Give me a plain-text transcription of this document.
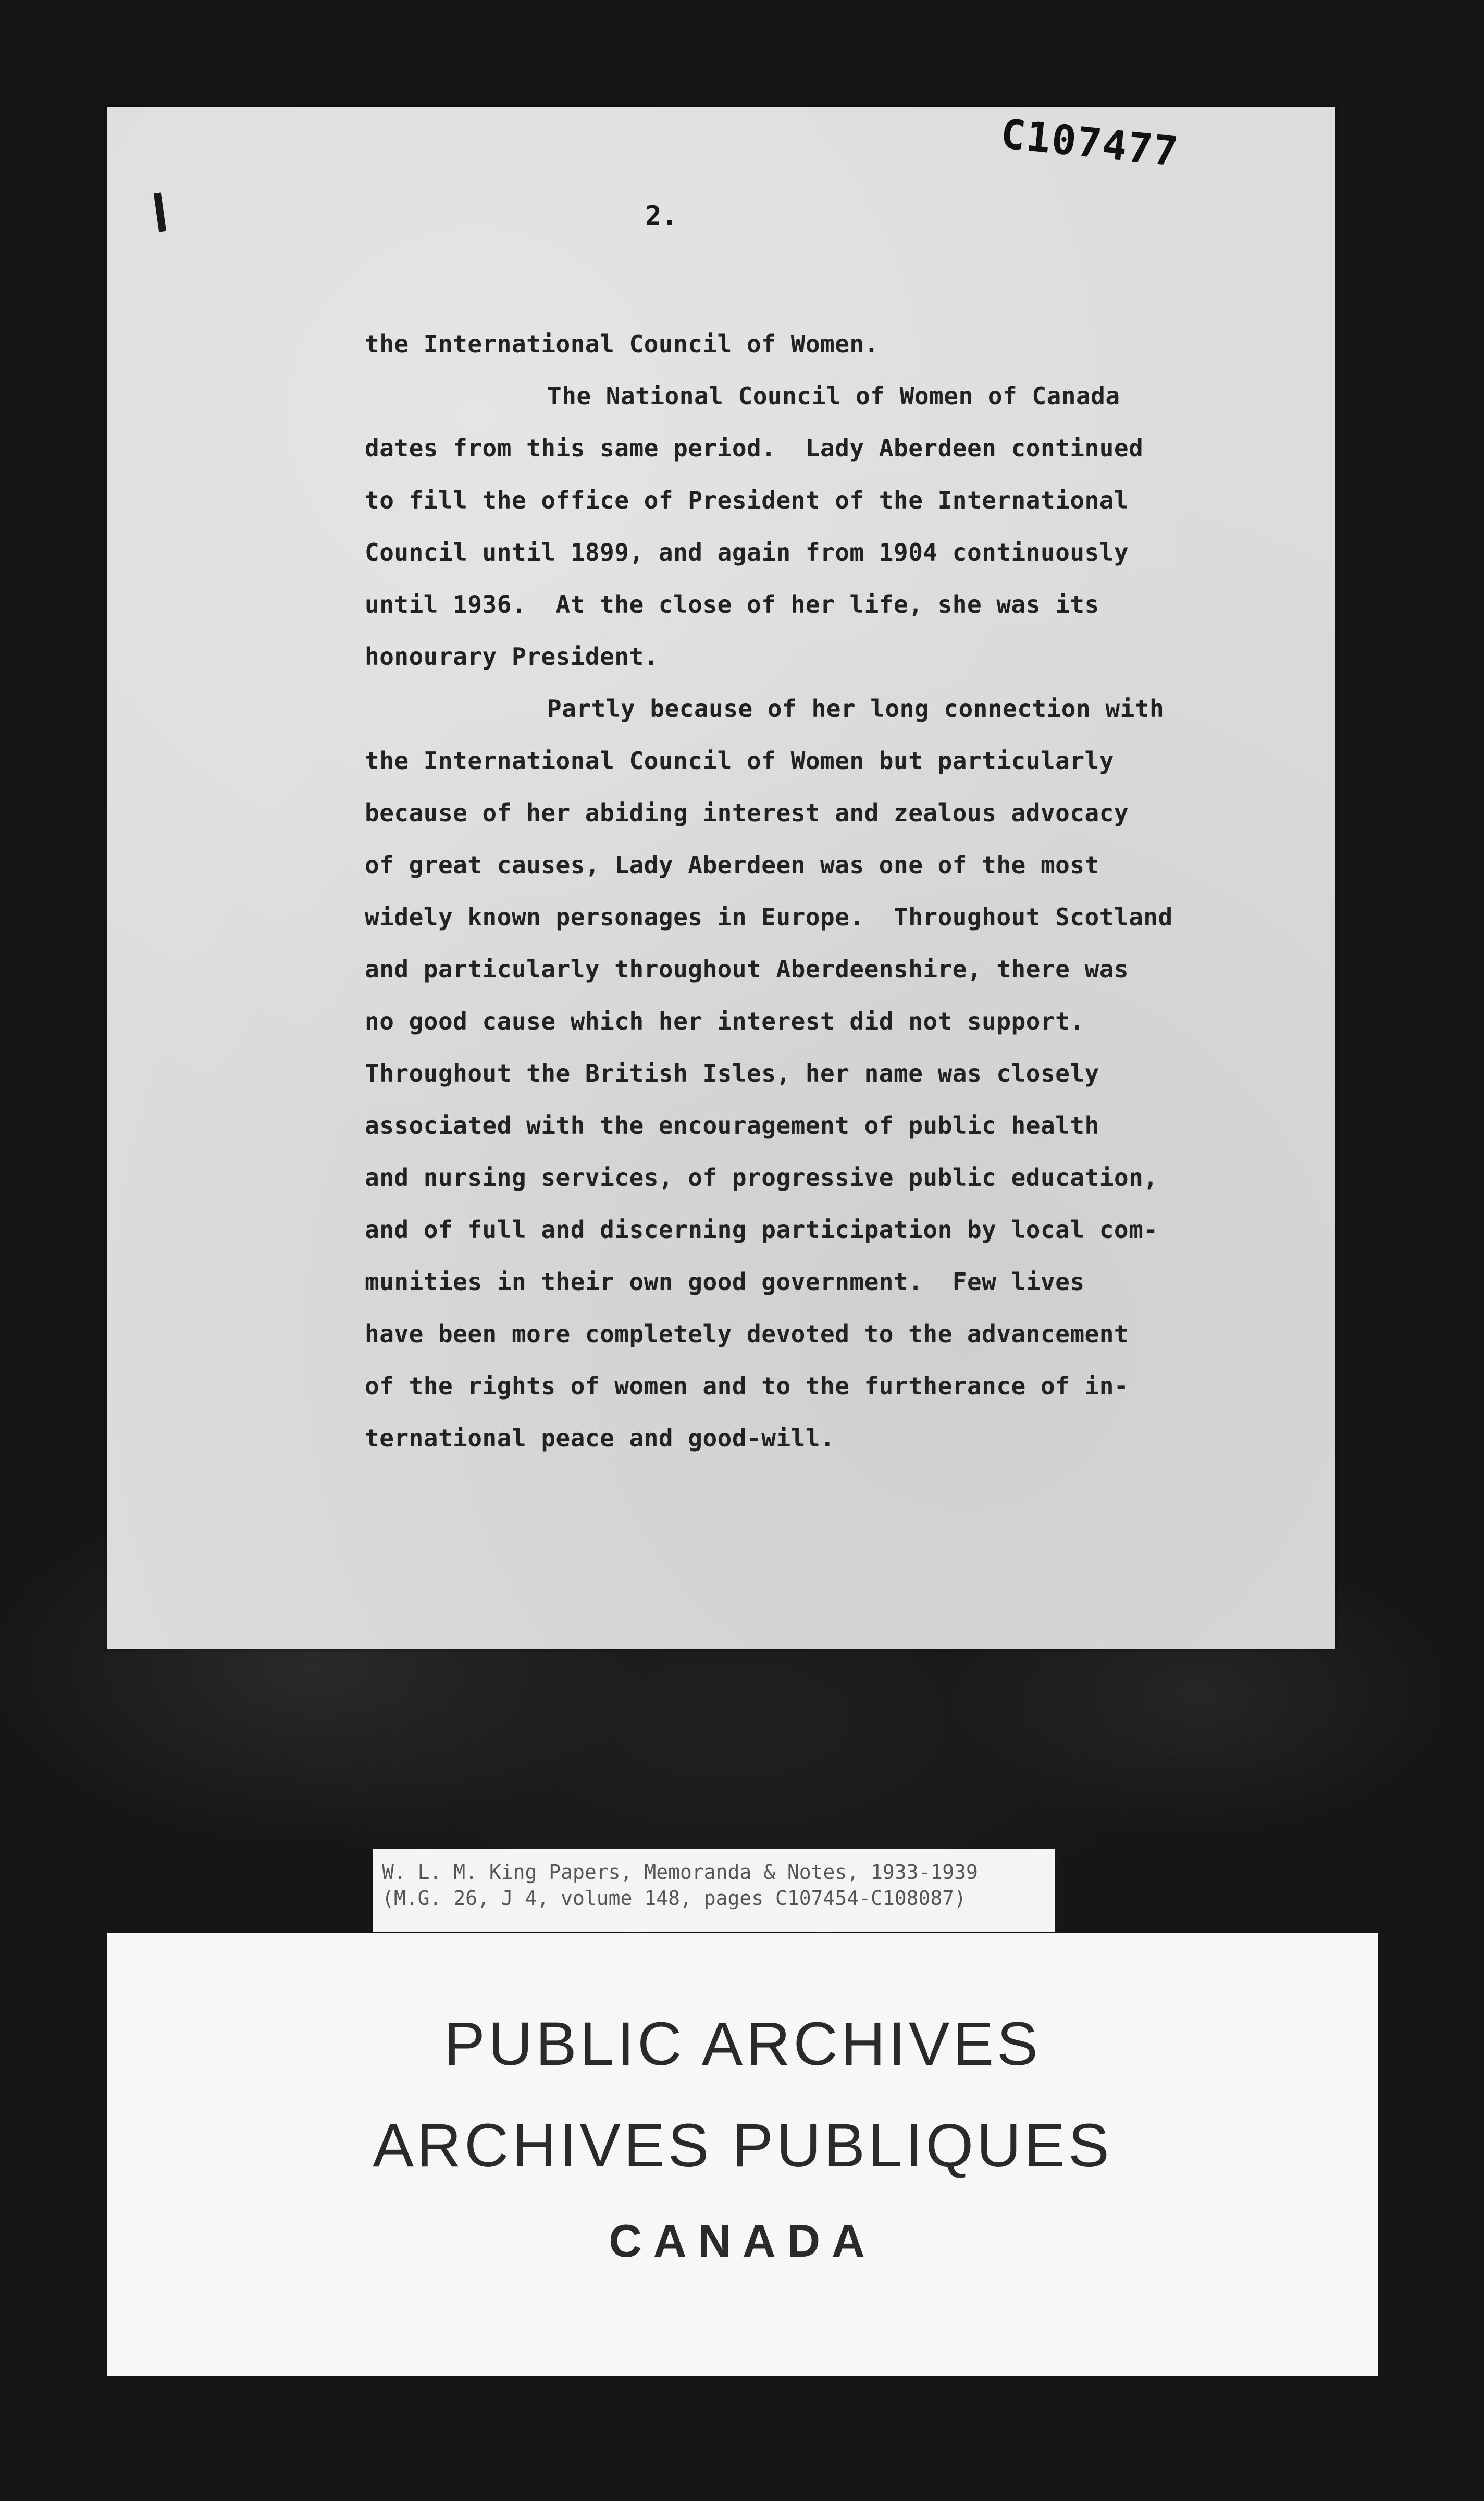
C107477
2.
the International Council of Women.
The National Council of Women of Canada
dates from this same period.  Lady Aberdeen continued
to fill the office of President of the International
Council until 1899, and again from 1904 continuously
until 1936.  At the close of her life, she was its
honourary President.
Partly because of her long connection with
the International Council of Women but particularly
because of her abiding interest and zealous advocacy
of great causes, Lady Aberdeen was one of the most
widely known personages in Europe.  Throughout Scotland
and particularly throughout Aberdeenshire, there was
no good cause which her interest did not support.
Throughout the British Isles, her name was closely
associated with the encouragement of public health
and nursing services, of progressive public education,
and of full and discerning participation by local com-
munities in their own good government.  Few lives
have been more completely devoted to the advancement
of the rights of women and to the furtherance of in-
ternational peace and good-will.
W. L. M. King Papers, Memoranda & Notes, 1933-1939
(M.G. 26, J 4, volume 148, pages C107454-C108087)
PUBLIC ARCHIVES
ARCHIVES PUBLIQUES
CANADA
